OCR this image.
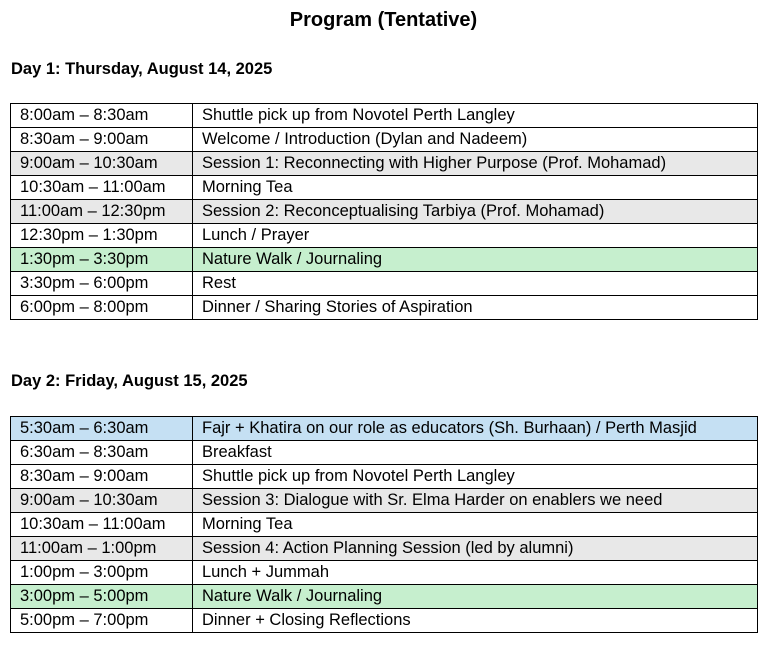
Program (Tentative)
Day 1: Thursday, August 14, 2025
8:00am – 8:30am	Shuttle pick up from Novotel Perth Langley
8:30am – 9:00am	Welcome / Introduction (Dylan and Nadeem)
9:00am – 10:30am	Session 1: Reconnecting with Higher Purpose (Prof. Mohamad)
10:30am – 11:00am	Morning Tea
11:00am – 12:30pm	Session 2: Reconceptualising Tarbiya (Prof. Mohamad)
12:30pm – 1:30pm	Lunch / Prayer
1:30pm – 3:30pm	Nature Walk / Journaling
3:30pm – 6:00pm	Rest
6:00pm – 8:00pm	Dinner / Sharing Stories of Aspiration
Day 2: Friday, August 15, 2025
5:30am – 6:30am	Fajr + Khatira on our role as educators (Sh. Burhaan) / Perth Masjid
6:30am – 8:30am	Breakfast
8:30am – 9:00am	Shuttle pick up from Novotel Perth Langley
9:00am – 10:30am	Session 3: Dialogue with Sr. Elma Harder on enablers we need
10:30am – 11:00am	Morning Tea
11:00am – 1:00pm	Session 4: Action Planning Session (led by alumni)
1:00pm – 3:00pm	Lunch + Jummah
3:00pm – 5:00pm	Nature Walk / Journaling
5:00pm – 7:00pm	Dinner + Closing Reflections
